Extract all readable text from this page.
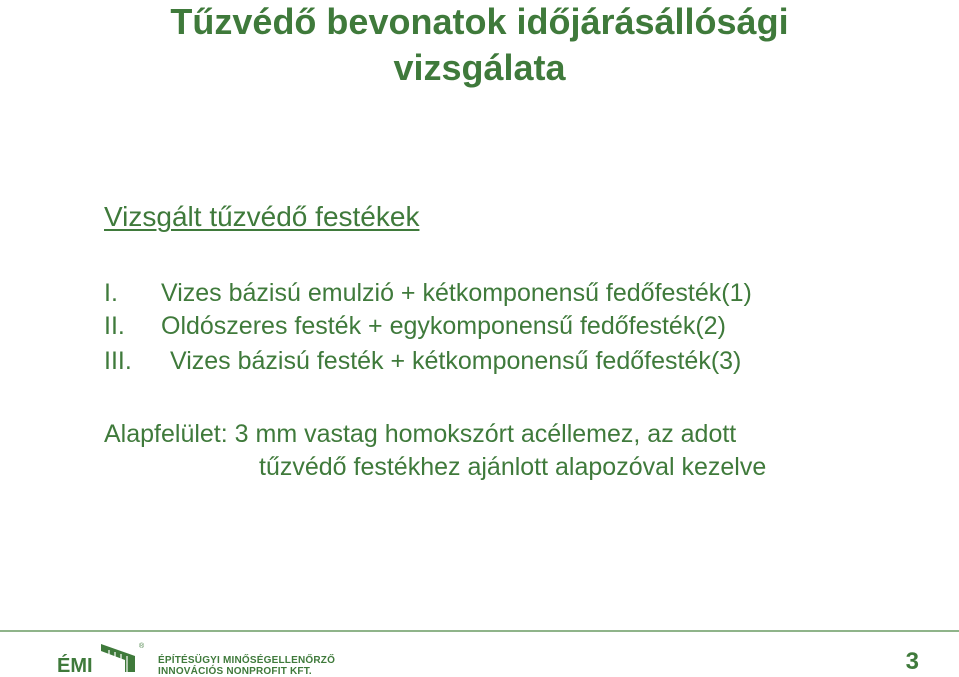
Tűzvédő bevonatok időjárásállósági
vizsgálata
Vizsgált tűzvédő festékek
I. Vizes bázisú emulzió + kétkomponensű fedőfesték(1)
II. Oldószeres festék + egykomponensű fedőfesték(2)
III. Vizes bázisú festék + kétkomponensű fedőfesték(3)
Alapfelület: 3 mm vastag homokszórt acéllemez, az adott
tűzvédő festékhez ajánlott alapozóval kezelve
ÉMI
®
ÉPÍTÉSÜGYI MINŐSÉGELLENŐRZŐ
INNOVÁCIÓS NONPROFIT KFT.	3
